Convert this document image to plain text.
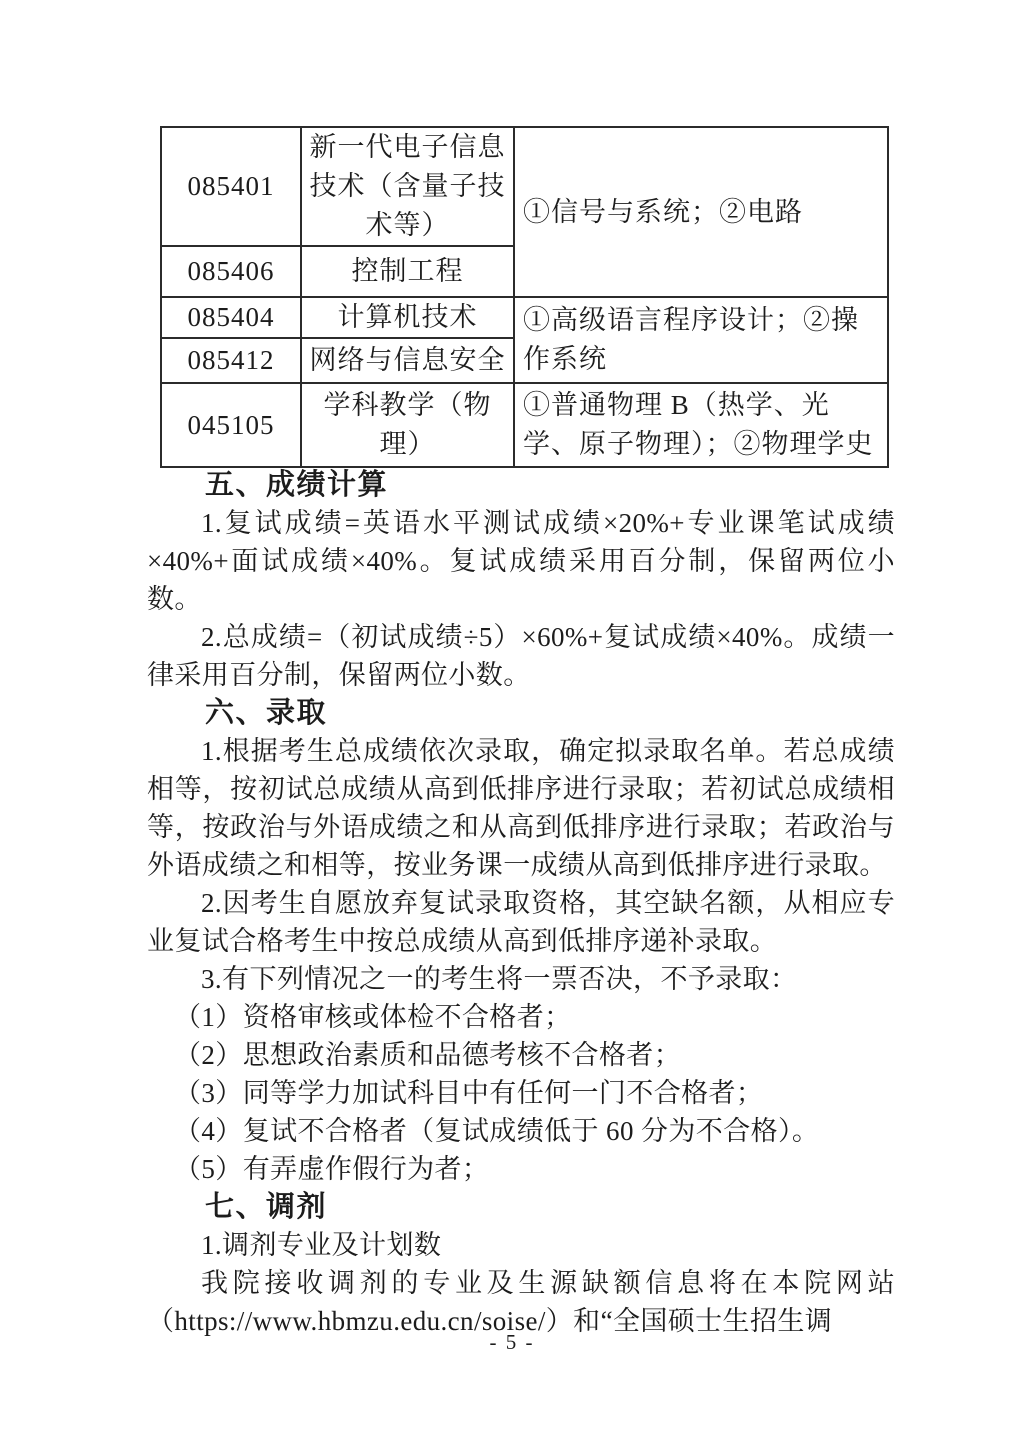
085401	新一代电子信息技术（含量子技术等）	①信号与系统；②电路
085406	控制工程	
085404	计算机技术	①高级语言程序设计；②操作系统
085412	网络与信息安全	
045105	学科教学（物理）	①普通物理 B（热学、光学、原子物理）；②物理学史
五、成绩计算
1.复试成绩=英语水平测试成绩×20%+专业课笔试成绩×40%+面试成绩×40%。复试成绩采用百分制，保留两位小数。
2.总成绩=（初试成绩÷5）×60%+复试成绩×40%。成绩一律采用百分制，保留两位小数。
六、录取
1.根据考生总成绩依次录取，确定拟录取名单。若总成绩相等，按初试总成绩从高到低排序进行录取；若初试总成绩相等，按政治与外语成绩之和从高到低排序进行录取；若政治与外语成绩之和相等，按业务课一成绩从高到低排序进行录取。
2.因考生自愿放弃复试录取资格，其空缺名额，从相应专业复试合格考生中按总成绩从高到低排序递补录取。
3.有下列情况之一的考生将一票否决，不予录取：
（1）资格审核或体检不合格者；
（2）思想政治素质和品德考核不合格者；
（3）同等学力加试科目中有任何一门不合格者；
（4）复试不合格者（复试成绩低于 60 分为不合格）。
（5）有弄虚作假行为者；
七、调剂
1.调剂专业及计划数
我院接收调剂的专业及生源缺额信息将在本院网站（https://www.hbmzu.edu.cn/soise/）和“全国硕士生招生调
- 5 -
